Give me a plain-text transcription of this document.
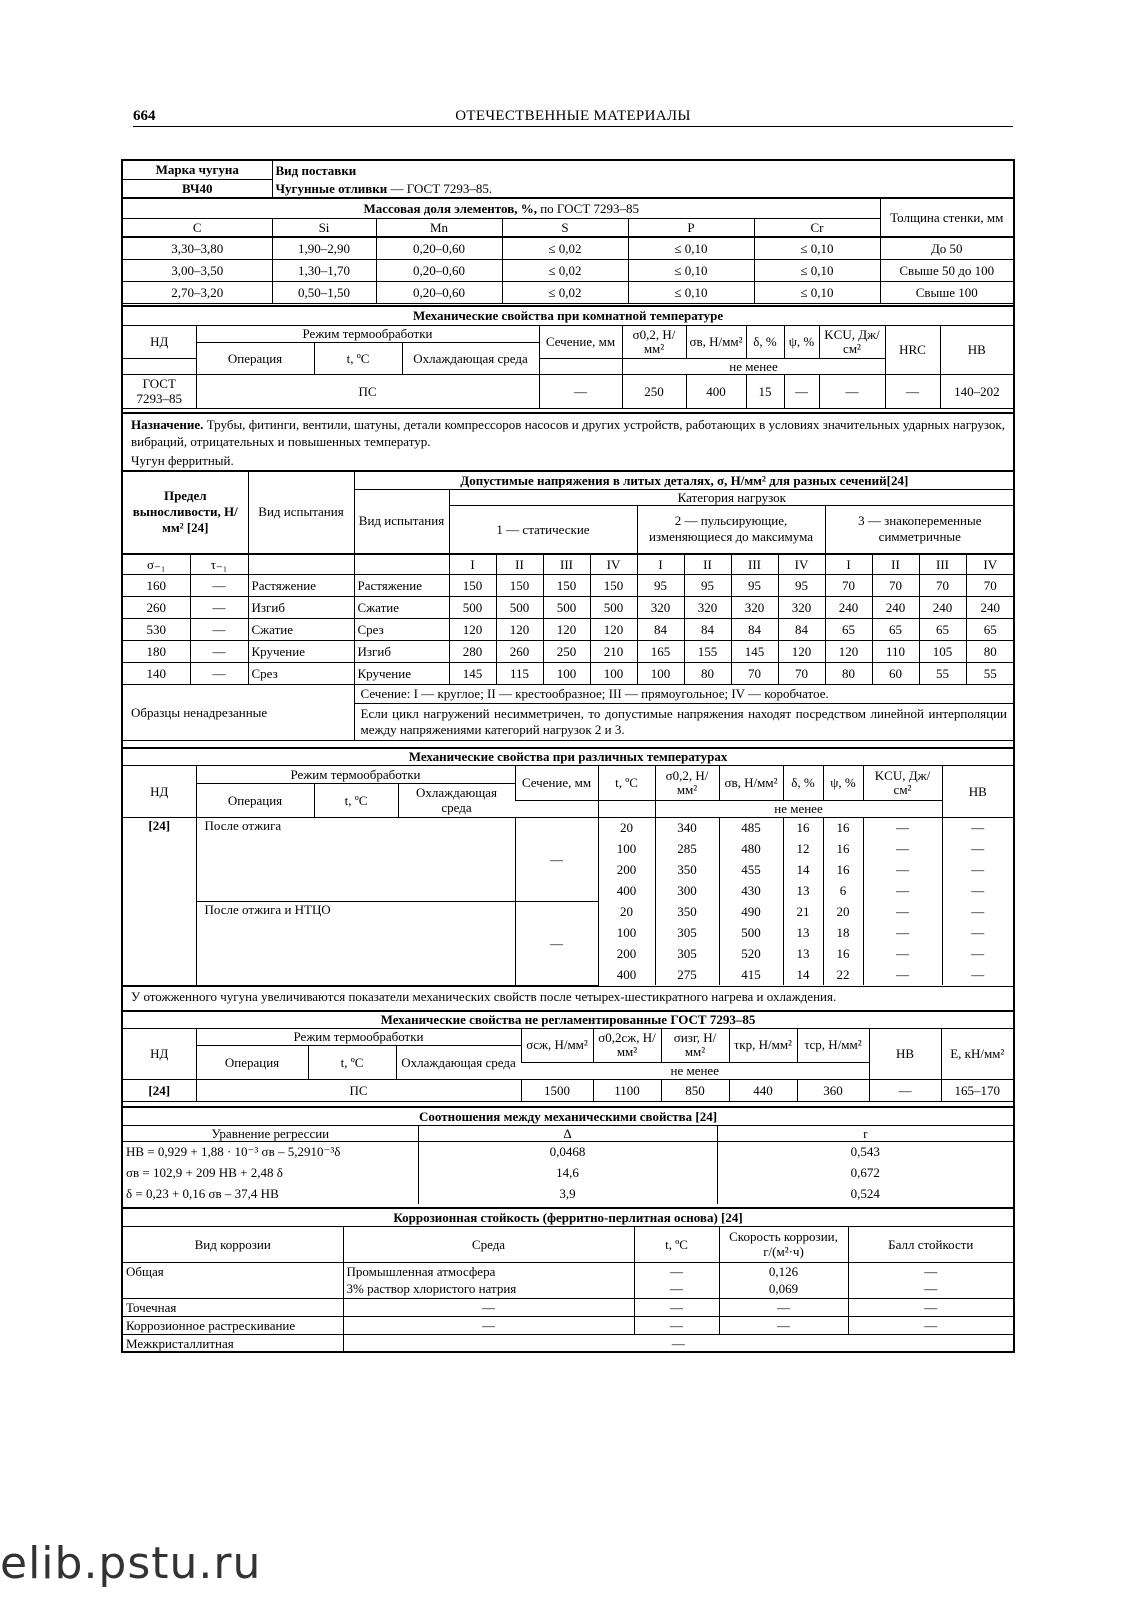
664	ОТЕЧЕСТВЕННЫЕ МАТЕРИАЛЫ
Марка чугуна	Вид поставки					
ВЧ40	Чугунные отливки — ГОСТ 7293–85.					
Массовая доля элементов, %, по ГОСТ 7293–85						Толщина стенки, мм
C	Si	Mn	S	P	Cr	
3,30–3,80	1,90–2,90	0,20–0,60	≤ 0,02	≤ 0,10	≤ 0,10	До 50
3,00–3,50	1,30–1,70	0,20–0,60	≤ 0,02	≤ 0,10	≤ 0,10	Свыше 50 до 100
2,70–3,20	0,50–1,50	0,20–0,60	≤ 0,02	≤ 0,10	≤ 0,10	Свыше 100
Механические свойства при комнатной температуре											
НД	Режим термообработки			Сечение, мм	σ0,2, Н/мм²	σв, Н/мм²	δ, %	ψ, %	KCU, Дж/см²	HRC	HB
	Операция	t, ºC	Охлаждающая среда								
					не менее						
ГОСТ 7293–85	ПС			—	250	400	15	—	—	—	140–202
Назначение. Трубы, фитинги, вентили, шатуны, детали компрессоров насосов и других устройств, работающих в условиях значительных ударных нагрузок, вибраций, отрицательных и повышенных температур.
Чугун ферритный.
Предел выносливости, Н/мм² [24]	Вид испытания	Допустимые напряжения в литых деталях, σ, Н/мм² для разных сечений[24]			
		Вид испытания	Категория нагрузок		
			1 — статические	2 — пульсирующие, изменяющиеся до максимума	3 — знакопеременные симметричные

σ₋₁	τ₋₁			I	II	III	IV	I	II	III	IV	I	II	III	IV
160	—	Растяжение	Растяжение	150	150	150	150	95	95	95	95	70	70	70	70
260	—	Изгиб	Сжатие	500	500	500	500	320	320	320	320	240	240	240	240
530	—	Сжатие	Срез	120	120	120	120	84	84	84	84	65	65	65	65
180	—	Кручение	Изгиб	280	260	250	210	165	155	145	120	120	110	105	80
140	—	Срез	Кручение	145	115	100	100	100	80	70	70	80	60	55	55
Образцы ненадрезанные	
Сечение: I — круглое; II — крестообразное; III — прямоугольное; IV — коробчатое.
Если цикл нагружений несимметричен, то допустимые напряжения находят посредством линейной интерполяции между напряжениями категорий нагрузок 2 и 3.
Механические свойства при различных температурах											
НД	Режим термообработки			Сечение, мм	t, ºC	σ0,2, Н/мм²	σв, Н/мм²	δ, %	ψ, %	KCU, Дж/см²	HB
	Операция	t, ºC	Охлаждающая среда								
						не менее					
[24]	После отжига			—	20	340	485	16	16	—	—
					100	285	480	12	16	—	—
					200	350	455	14	16	—	—
					400	300	430	13	6	—	—
	После отжига и НТЦО			—	20	350	490	21	20	—	—
					100	305	500	13	18	—	—
					200	305	520	13	16	—	—
					400	275	415	14	22	—	—
У отожженного чугуна увеличиваются показатели механических свойств после четырех-шестикратного нагрева и охлаждения.
Механические свойства не регламентированные ГОСТ 7293–85										
НД	Режим термообработки			σсж, Н/мм²	σ0,2сж, Н/мм²	σизг, Н/мм²	τкр, Н/мм²	τср, Н/мм²	HB	E, кН/мм²
	Операция	t, ºC	Охлаждающая среда							
				не менее						
[24]	ПС			1500	1100	850	440	360	—	165–170
Соотношения между механическими свойства [24]		
Уравнение регрессии	Δ	r
HB = 0,929 + 1,88 · 10⁻³ σв – 5,2910⁻³δ	0,0468	0,543
σв = 102,9 + 209 HB + 2,48 δ	14,6	0,672
δ = 0,23 + 0,16 σв – 37,4 HB	3,9	0,524
Коррозионная стойкость (ферритно-перлитная основа) [24]				
Вид коррозии	Среда	t, ºC	Скорость коррозии, г/(м²·ч)	Балл стойкости
Общая	Промышленная атмосфера	—	0,126	—
	3% раствор хлористого натрия	—	0,069	—
Точечная	—	—	—	—
Коррозионное растрескивание	—	—	—	—
Межкристаллитная	—			
elib.pstu.ru
